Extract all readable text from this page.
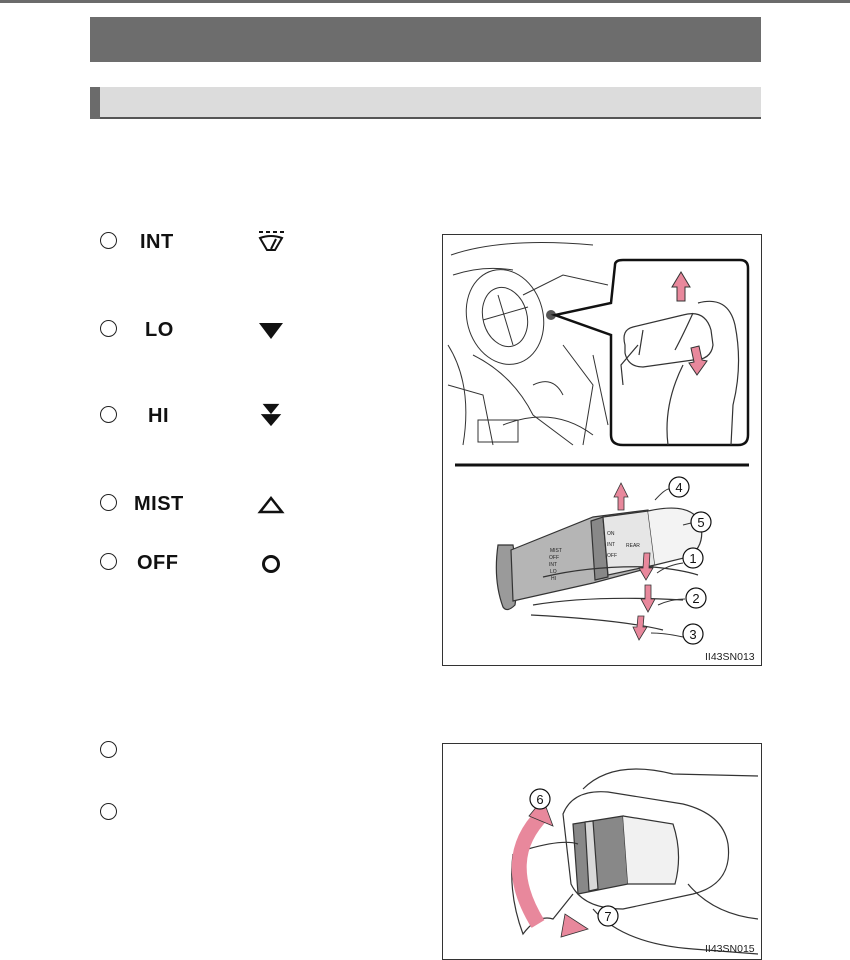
INT
LO
HI
MIST
OFF
MIST
OFF
INT
LO
HI
ON
INT
OFF
REAR
4
5
1
2
3
II43SN013
6
7
II43SN015
